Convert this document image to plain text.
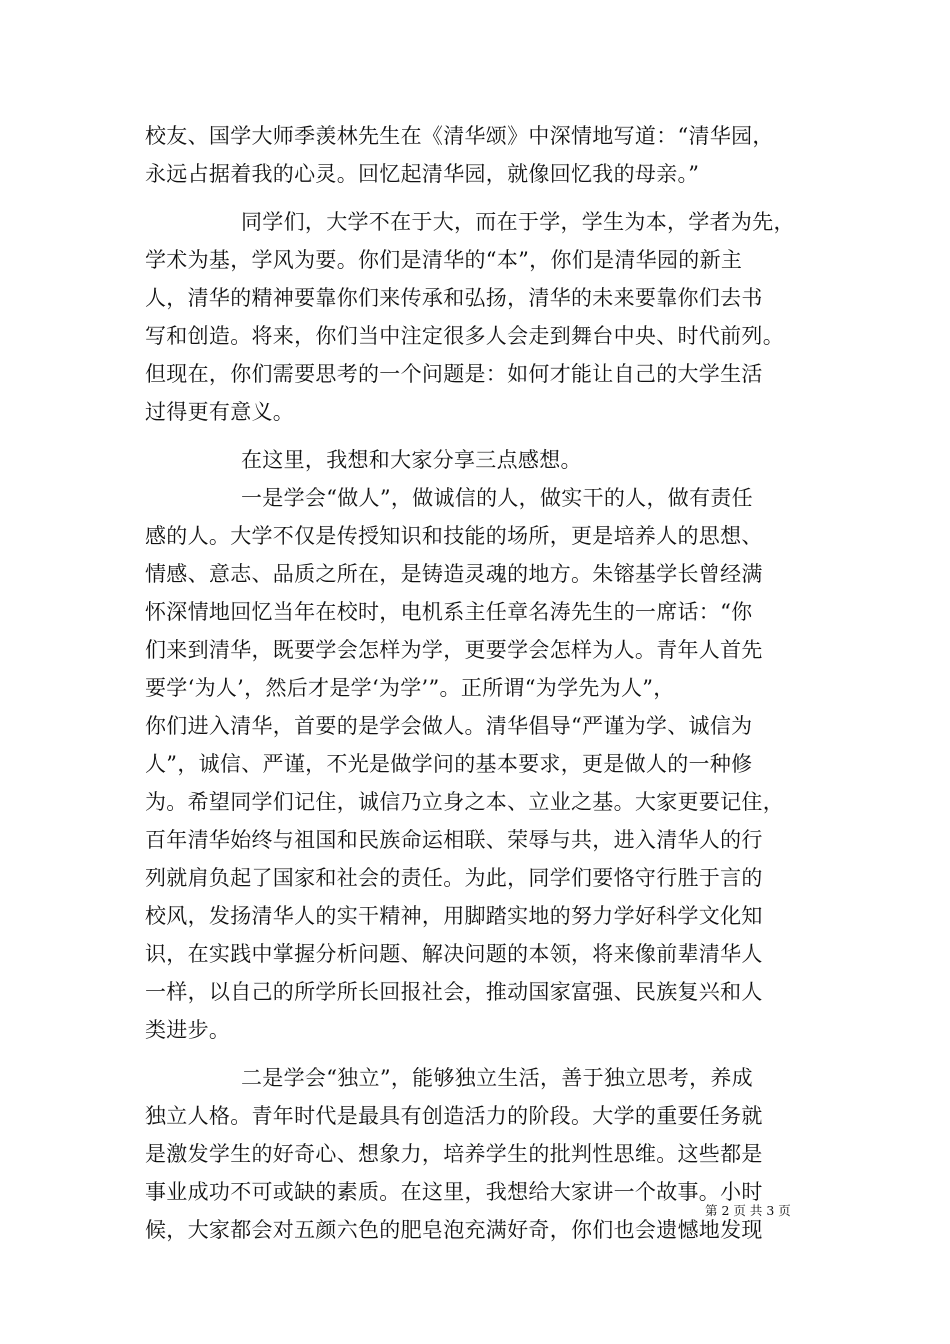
校友、国学大师季羡林先生在《清华颂》中深情地写道：“清华园，
永远占据着我的心灵。回忆起清华园，就像回忆我的母亲。”
同学们，大学不在于大，而在于学，学生为本，学者为先，
学术为基，学风为要。你们是清华的“本”，你们是清华园的新主
人，清华的精神要靠你们来传承和弘扬，清华的未来要靠你们去书
写和创造。将来，你们当中注定很多人会走到舞台中央、时代前列。
但现在，你们需要思考的一个问题是：如何才能让自己的大学生活
过得更有意义。
在这里，我想和大家分享三点感想。
一是学会“做人”，做诚信的人，做实干的人，做有责任
感的人。大学不仅是传授知识和技能的场所，更是培养人的思想、
情感、意志、品质之所在，是铸造灵魂的地方。朱镕基学长曾经满
怀深情地回忆当年在校时，电机系主任章名涛先生的一席话：“你
们来到清华，既要学会怎样为学，更要学会怎样为人。青年人首先
要学‘为人’，然后才是学‘为学’”。正所谓“为学先为人”，
你们进入清华，首要的是学会做人。清华倡导“严谨为学、诚信为
人”，诚信、严谨，不光是做学问的基本要求，更是做人的一种修
为。希望同学们记住，诚信乃立身之本、立业之基。大家更要记住，
百年清华始终与祖国和民族命运相联、荣辱与共，进入清华人的行
列就肩负起了国家和社会的责任。为此，同学们要恪守行胜于言的
校风，发扬清华人的实干精神，用脚踏实地的努力学好科学文化知
识，在实践中掌握分析问题、解决问题的本领，将来像前辈清华人
一样，以自己的所学所长回报社会，推动国家富强、民族复兴和人
类进步。
二是学会“独立”，能够独立生活，善于独立思考，养成
独立人格。青年时代是最具有创造活力的阶段。大学的重要任务就
是激发学生的好奇心、想象力，培养学生的批判性思维。这些都是
事业成功不可或缺的素质。在这里，我想给大家讲一个故事。小时
候，大家都会对五颜六色的肥皂泡充满好奇，你们也会遗憾地发现
第 2 页 共 3 页
